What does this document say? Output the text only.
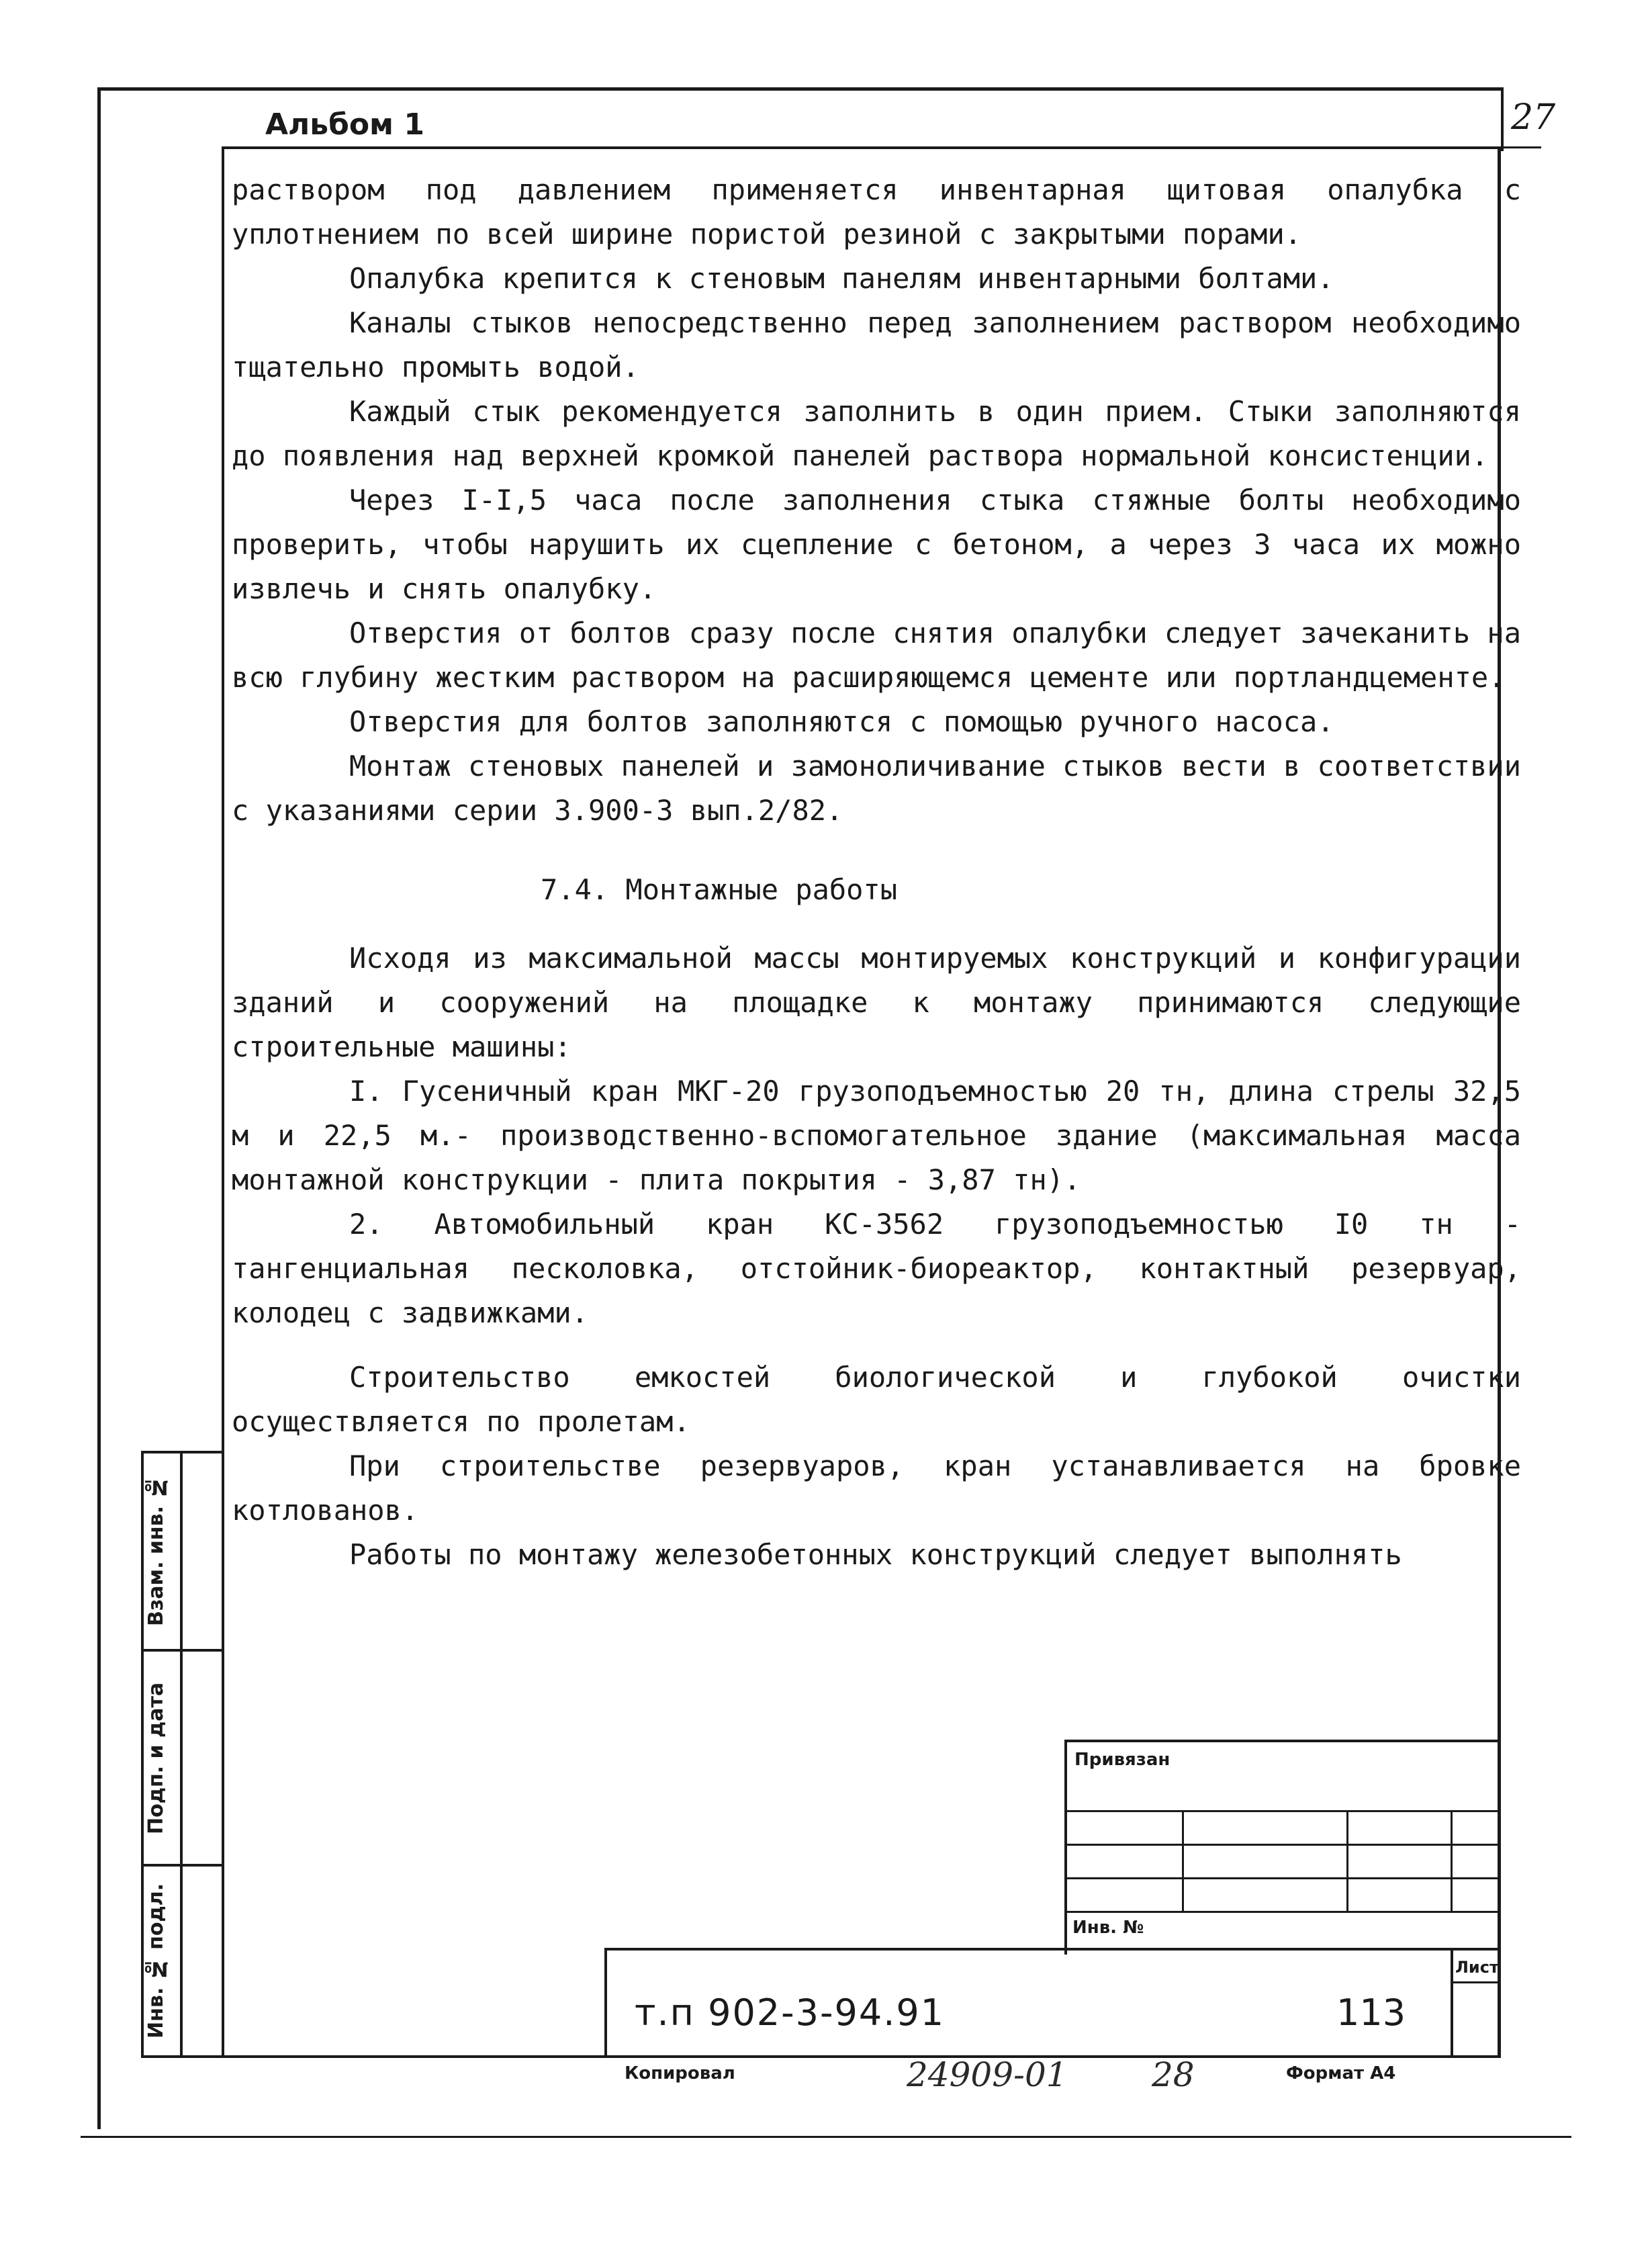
Альбом 1	27

раствором под давлением применяется инвентарная щитовая опалубка с уплотнением по всей ширине пористой резиной с закрытыми порами.

Опалубка крепится к стеновым панелям инвентарными болтами.

Каналы стыков непосредственно перед заполнением раствором необходимо тщательно промыть водой.

Каждый стык рекомендуется заполнить в один прием. Стыки заполняются до появления над верхней кромкой панелей раствора нормальной консистенции.

Через I-I,5 часа после заполнения стыка стяжные болты необходимо проверить, чтобы нарушить их сцепление с бетоном, а через 3 часа их можно извлечь и снять опалубку.

Отверстия от болтов сразу после снятия опалубки следует зачеканить на всю глубину жестким раствором на расширяющемся цементе или портландцементе.

Отверстия для болтов заполняются с помощью ручного насоса.

Монтаж стеновых панелей и замоноличивание стыков вести в соответствии с указаниями серии 3.900-3 вып.2/82.

7.4. Монтажные работы

Исходя из максимальной массы монтируемых конструкций и конфигурации зданий и сооружений на площадке к монтажу принимаются следующие строительные машины:

I. Гусеничный кран МКГ-20 грузоподъемностью 20 тн, длина стрелы 32,5 м и 22,5 м.- производственно-вспомогательное здание (максимальная масса монтажной конструкции - плита покрытия - 3,87 тн).

2. Автомобильный кран КС-3562 грузоподъемностью I0 тн - тангенциальная песколовка, отстойник-биореактор, контактный резервуар, колодец с задвижками.

Строительство емкостей биологической и глубокой очистки осуществляется по пролетам.

При строительстве резервуаров, кран устанавливается на бровке котлованов.

Работы по монтажу железобетонных конструкций следует выполнять

Взам. инв. №
Подп. и дата
Инв. № подл.
Привязан
Инв. №
Лист
т.п 902-3-94.91	113
Копировал	24909-01	28	Формат А4
